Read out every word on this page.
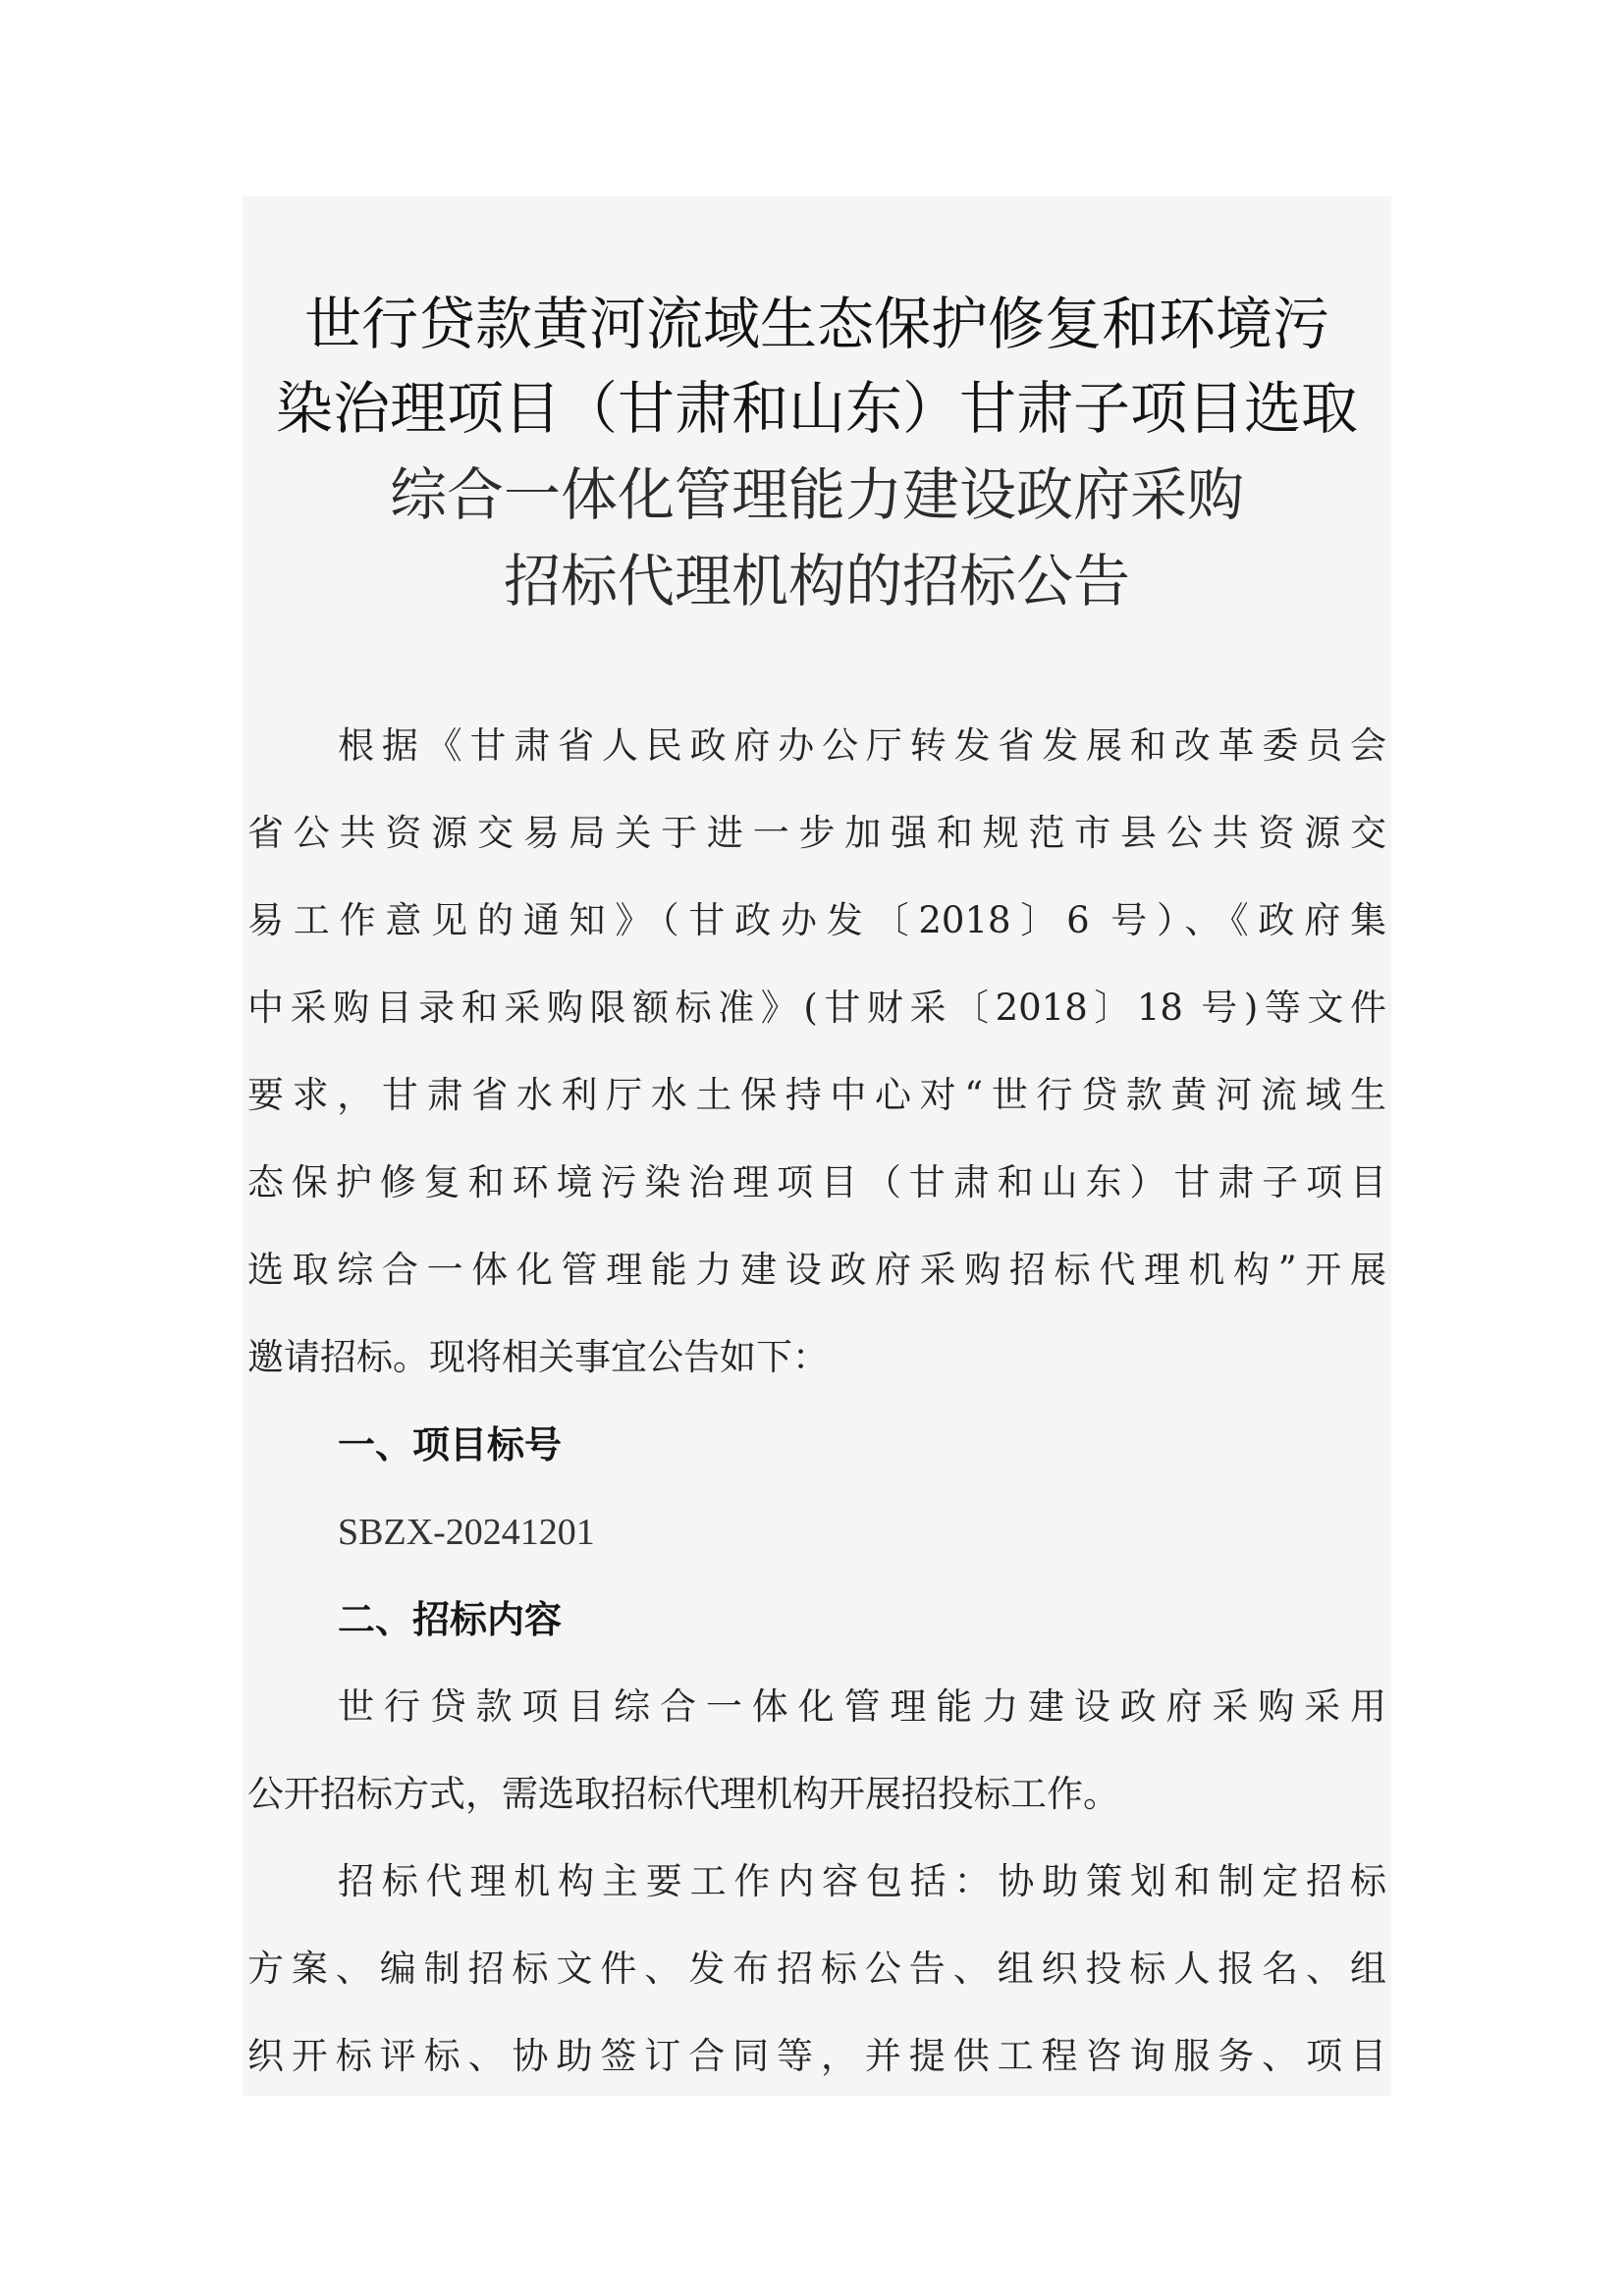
世行贷款黄河流域生态保护修复和环境污
染治理项目（甘肃和山东）甘肃子项目选取
综合一体化管理能力建设政府采购
招标代理机构的招标公告
根据《甘肃省人民政府办公厅转发省发展和改革委员会
省公共资源交易局关于进一步加强和规范市县公共资源交
易工作意见的通知》（甘政办发〔2018〕6 号）、《政府集
中采购目录和采购限额标准》(甘财采〔2018〕18 号)等文件
要求，甘肃省水利厅水土保持中心对“世行贷款黄河流域生
态保护修复和环境污染治理项目（甘肃和山东）甘肃子项目
选取综合一体化管理能力建设政府采购招标代理机构”开展
邀请招标。现将相关事宜公告如下：
一、项目标号
SBZX-20241201
二、招标内容
世行贷款项目综合一体化管理能力建设政府采购采用
公开招标方式，需选取招标代理机构开展招投标工作。
招标代理机构主要工作内容包括：协助策划和制定招标
方案、编制招标文件、发布招标公告、组织投标人报名、组
织开标评标、协助签订合同等，并提供工程咨询服务、项目
